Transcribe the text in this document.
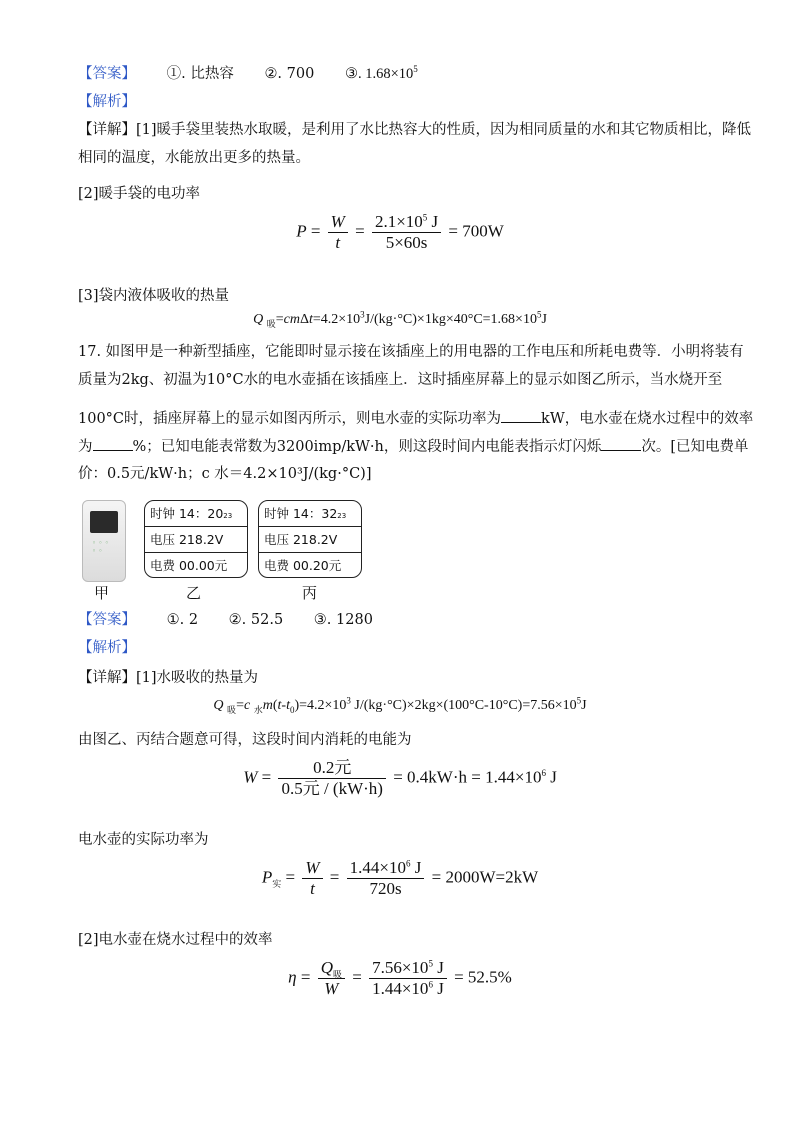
【答案】 ①. 比热容 ②. 700 ③. $1.68\times 10^5$
【解析】
【详解】[1]暖手袋里装热水取暖，是利用了水比热容大的性质，因为相同质量的水和其它物质相比，降低
相同的温度，水能放出更多的热量。
[2]暖手袋的电功率
$P = \frac{W}{t} = \frac{2.1\times 10^5 J}{5\times 60s} = 700W$
[3]袋内液体吸收的热量
Q $_吸=cm\Delta t=4.2\times 10^3J/(kg\cdot^\circ C)\times 1kg\times 40^\circ C=1.68\times 10^5J$
17. 如图甲是一种新型插座，它能即时显示接在该插座上的用电器的工作电压和所耗电费等．小明将装有
质量为2kg、初温为10°C水的电水壶插在该插座上．这时插座屏幕上的显示如图乙所示，当水烧开至
100°C时，插座屏幕上的显示如图丙所示，则电水壶的实际功率为	kW，电水壶在烧水过程中的效率
为	%；已知电能表常数为3200imp/kW·h，则这段时间内电能表指示灯闪烁	次。[已知电费单
价：0.5元/kW·h；c 水＝4.2×10³J/(kg·°C)]
◦ ◦ ◦
◦ ◦
时钟 14：2023
电压 218.2V
电费 00.00元
时钟 14：3223
电压 218.2V
电费 00.20元
甲	乙	丙
【答案】 ①. 2 ②. 52.5 ③. 1280
【解析】
【详解】[1]水吸收的热量为
Q $_吸$=c $_水m(t-t_0)=4.2\times 10^3$ $J/(kg\cdot^\circ C)\times 2kg\times(100^\circ C-10^\circ C)=7.56\times 10^5J$
由图乙、丙结合题意可得，这段时间内消耗的电能为
$W = \frac{\text{0.2元}}{\text{0.5元 / (kW·h)}} = 0.4kW\cdot h = 1.44\times 10^6$ J
电水壶的实际功率为
$P_实 = \frac{W}{t} = \frac{1.44\times 10^6 J}{720s} = 2000W=2kW$
[2]电水壶在烧水过程中的效率
$\eta = \frac{Q_吸}{W} = \frac{7.56\times 10^5 J}{1.44\times 10^6 J} = 52.5\%$
